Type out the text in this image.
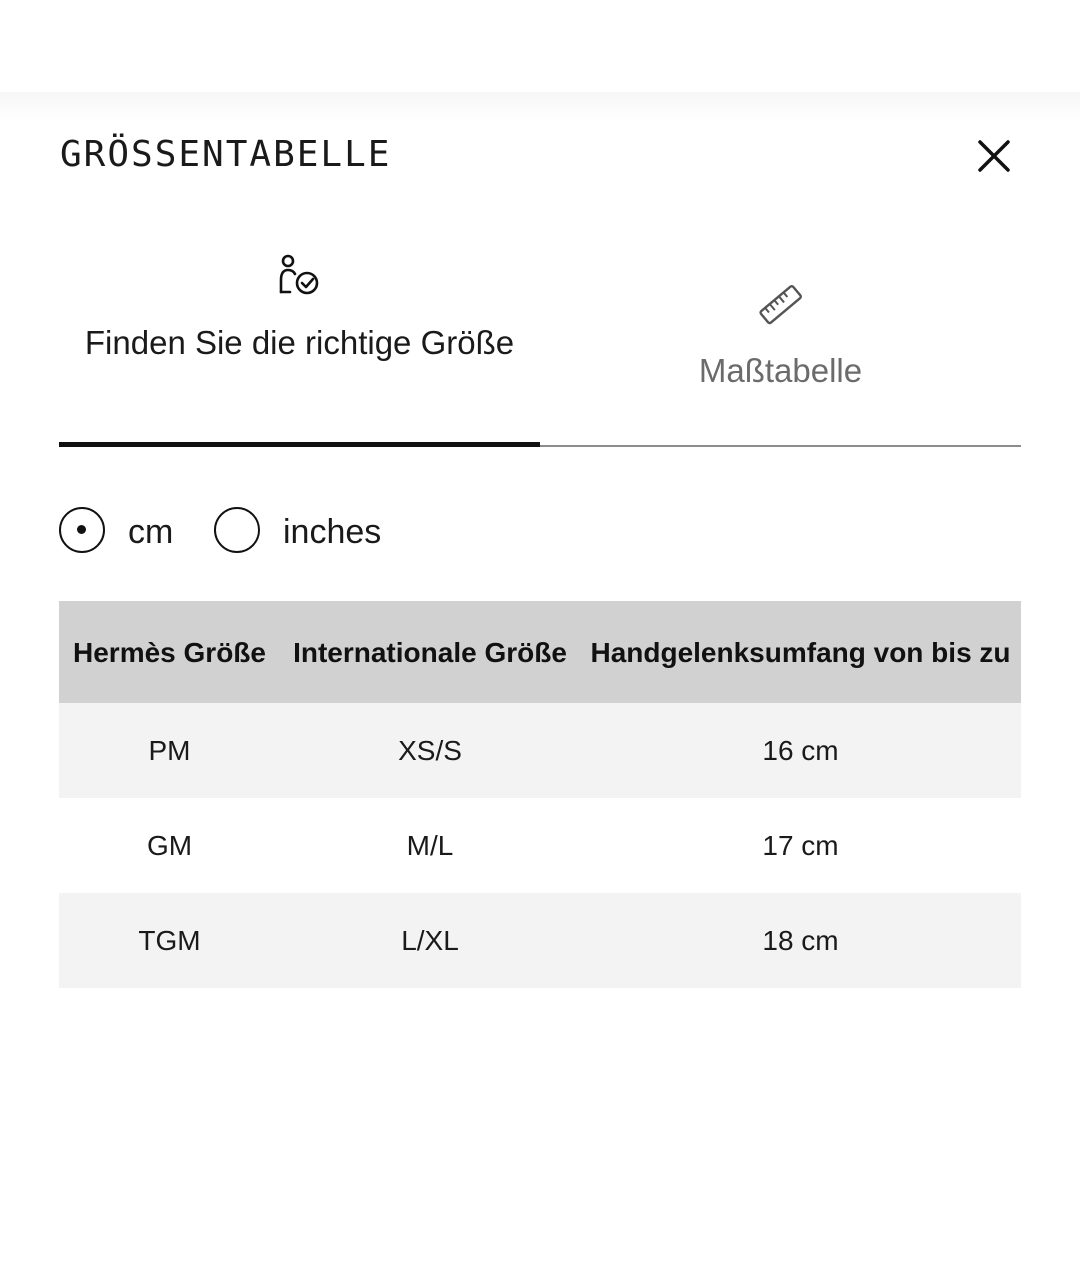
GRÖSSENTABELLE
Finden Sie die richtige Größe
Maßtabelle
cm	inches
Hermès Größe	Internationale Größe	Handgelenksumfang von bis zu
PM	XS/S	16 cm
GM	M/L	17 cm
TGM	L/XL	18 cm
